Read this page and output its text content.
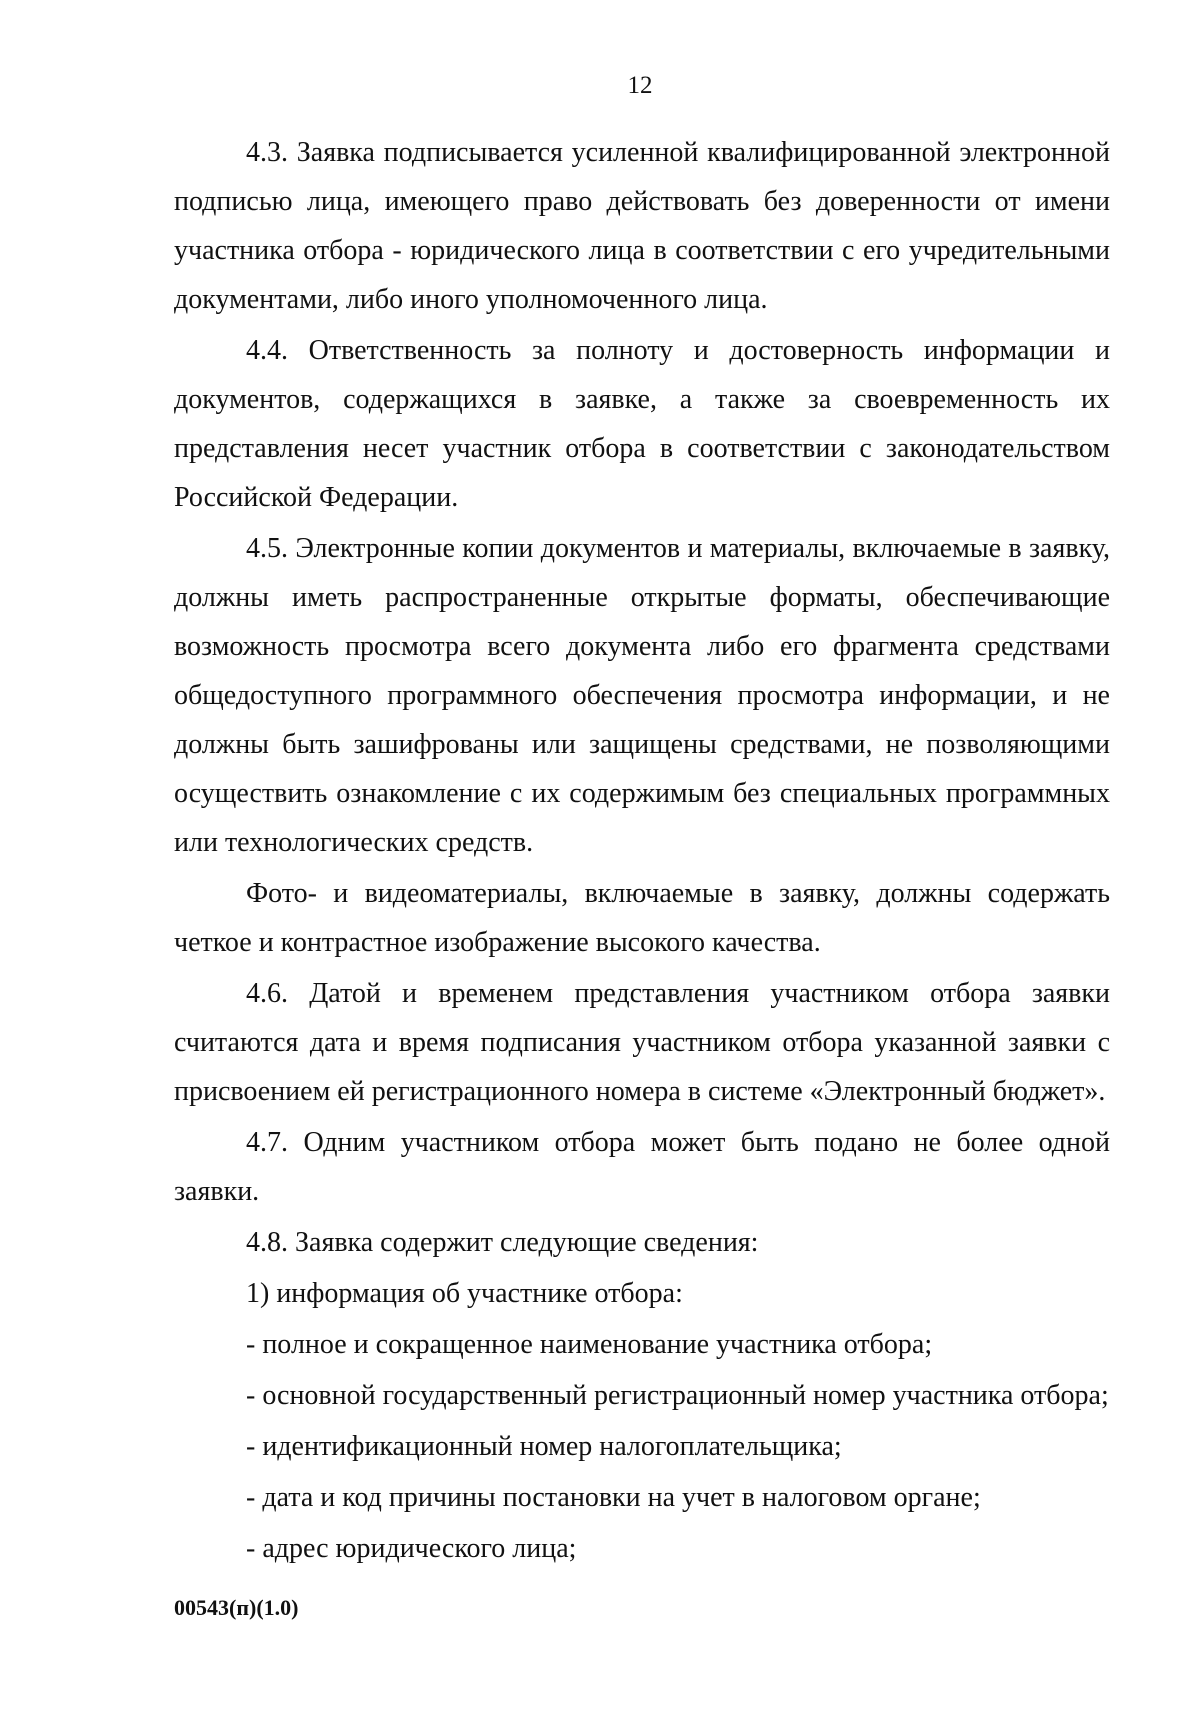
12

4.3. Заявка подписывается усиленной квалифицированной электронной подписью лица, имеющего право действовать без доверенности от имени участника отбора - юридического лица в соответствии с его учредительными документами, либо иного уполномоченного лица.

4.4. Ответственность за полноту и достоверность информации и документов, содержащихся в заявке, а также за своевременность их представления несет участник отбора в соответствии с законодательством Российской Федерации.

4.5. Электронные копии документов и материалы, включаемые в заявку, должны иметь распространенные открытые форматы, обеспечивающие возможность просмотра всего документа либо его фрагмента средствами общедоступного программного обеспечения просмотра информации, и не должны быть зашифрованы или защищены средствами, не позволяющими осуществить ознакомление с их содержимым без специальных программных или технологических средств.

Фото- и видеоматериалы, включаемые в заявку, должны содержать четкое и контрастное изображение высокого качества.

4.6. Датой и временем представления участником отбора заявки считаются дата и время подписания участником отбора указанной заявки с присвоением ей регистрационного номера в системе «Электронный бюджет».

4.7. Одним участником отбора может быть подано не более одной заявки.

4.8. Заявка содержит следующие сведения:

1) информация об участнике отбора:

- полное и сокращенное наименование участника отбора;

- основной государственный регистрационный номер участника отбора;

- идентификационный номер налогоплательщика;

- дата и код причины постановки на учет в налоговом органе;

- адрес юридического лица;

00543(п)(1.0)
